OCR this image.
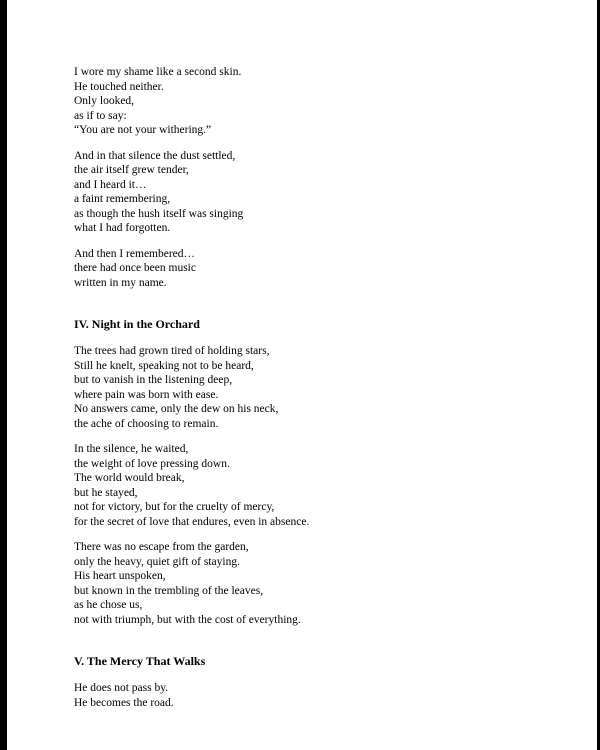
I wore my shame like a second skin.
He touched neither.
Only looked,
as if to say:
“You are not your withering.”
And in that silence the dust settled,
the air itself grew tender,
and I heard it…
a faint remembering,
as though the hush itself was singing
what I had forgotten.
And then I remembered…
there had once been music
written in my name.
IV. Night in the Orchard
The trees had grown tired of holding stars,
Still he knelt, speaking not to be heard,
but to vanish in the listening deep,
where pain was born with ease.
No answers came, only the dew on his neck,
the ache of choosing to remain.
In the silence, he waited,
the weight of love pressing down.
The world would break,
but he stayed,
not for victory, but for the cruelty of mercy,
for the secret of love that endures, even in absence.
There was no escape from the garden,
only the heavy, quiet gift of staying.
His heart unspoken,
but known in the trembling of the leaves,
as he chose us,
not with triumph, but with the cost of everything.
V. The Mercy That Walks
He does not pass by.
He becomes the road.
